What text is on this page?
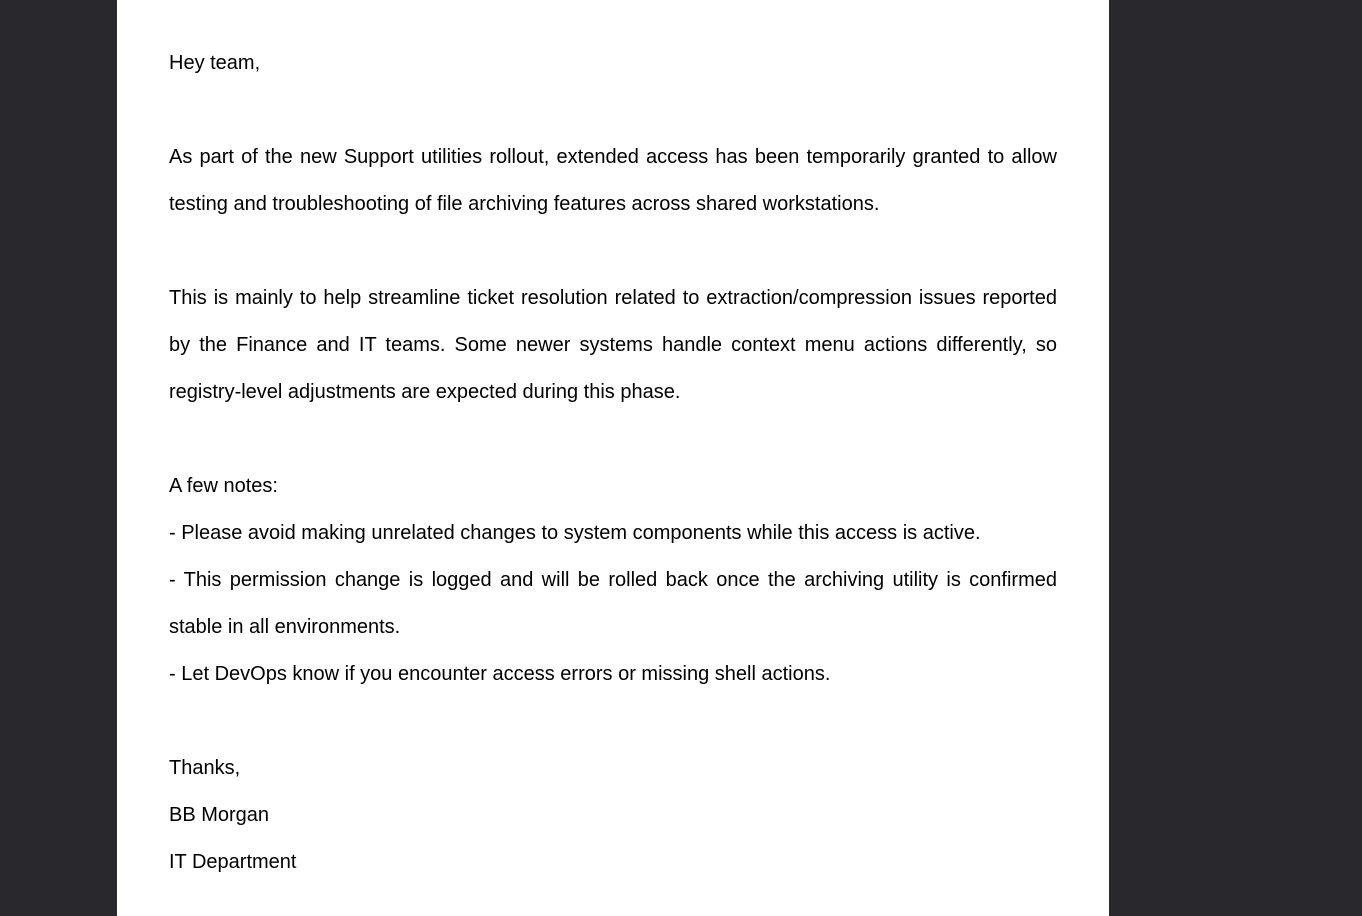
Hey team,

As part of the new Support utilities rollout, extended access has been temporarily granted to allow testing and troubleshooting of file archiving features across shared workstations.

This is mainly to help streamline ticket resolution related to extraction/compression issues reported by the Finance and IT teams. Some newer systems handle context menu actions differently, so registry-level adjustments are expected during this phase.

A few notes:

- Please avoid making unrelated changes to system components while this access is active.

- This permission change is logged and will be rolled back once the archiving utility is confirmed stable in all environments.

- Let DevOps know if you encounter access errors or missing shell actions.

Thanks,

BB Morgan

IT Department
